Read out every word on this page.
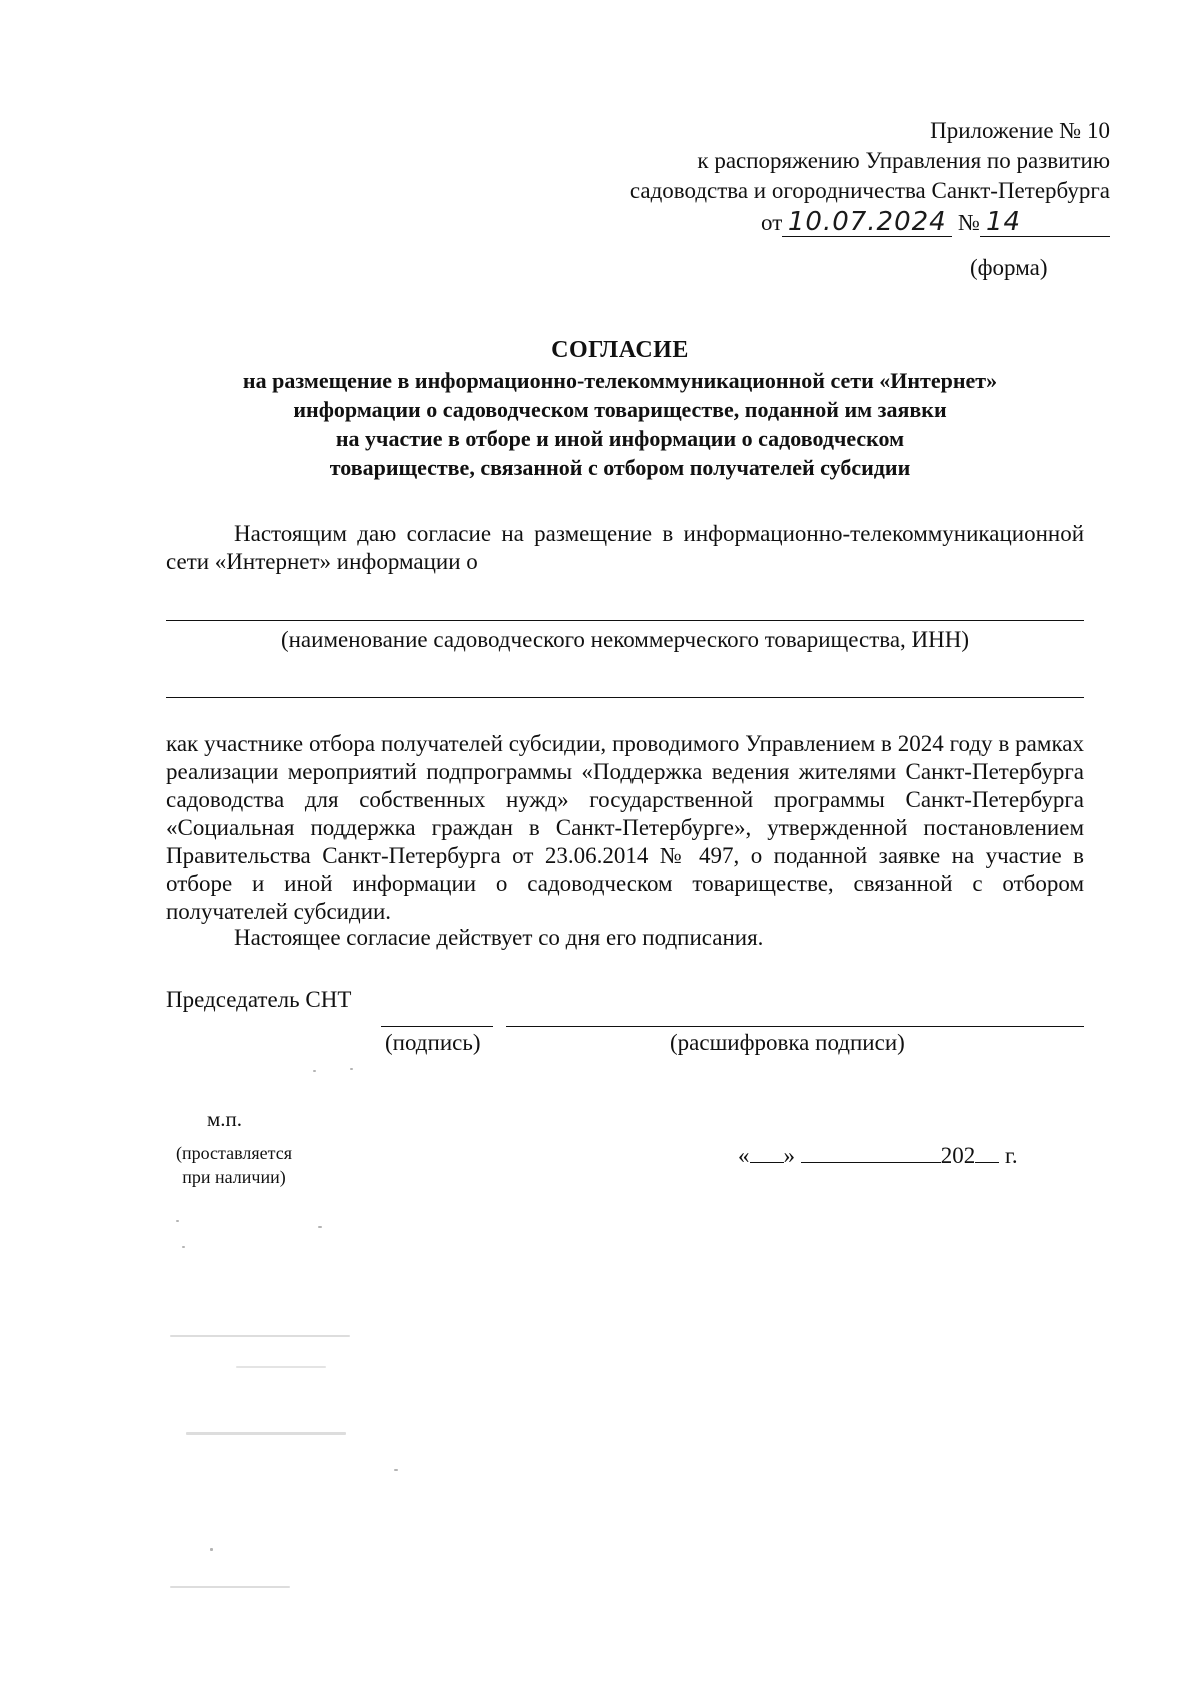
Приложение № 10
к распоряжению Управления по развитию
садоводства и огородничества Санкт-Петербурга
от 10.07.2024 № 14
(форма)
СОГЛАСИЕ
на размещение в информационно-телекоммуникационной сети «Интернет»
информации о садоводческом товариществе, поданной им заявки
на участие в отборе и иной информации о садоводческом
товариществе, связанной с отбором получателей субсидии
Настоящим даю согласие на размещение в информационно-телекоммуникационной сети «Интернет» информации о
(наименование садоводческого некоммерческого товарищества, ИНН)
как участнике отбора получателей субсидии, проводимого Управлением в 2024 году в рамках реализации мероприятий подпрограммы «Поддержка ведения жителями Санкт-Петербурга садоводства для собственных нужд» государственной программы Санкт-Петербурга «Социальная поддержка граждан в Санкт-Петербурге», утвержденной постановлением Правительства Санкт-Петербурга от 23.06.2014 № 497, о поданной заявке на участие в отборе и иной информации о садоводческом товариществе, связанной с отбором получателей субсидии.
Настоящее согласие действует со дня его подписания.
Председатель СНТ
(подпись)	(расшифровка подписи)
м.п.
(проставляется
при наличии)
« »	202 г.
